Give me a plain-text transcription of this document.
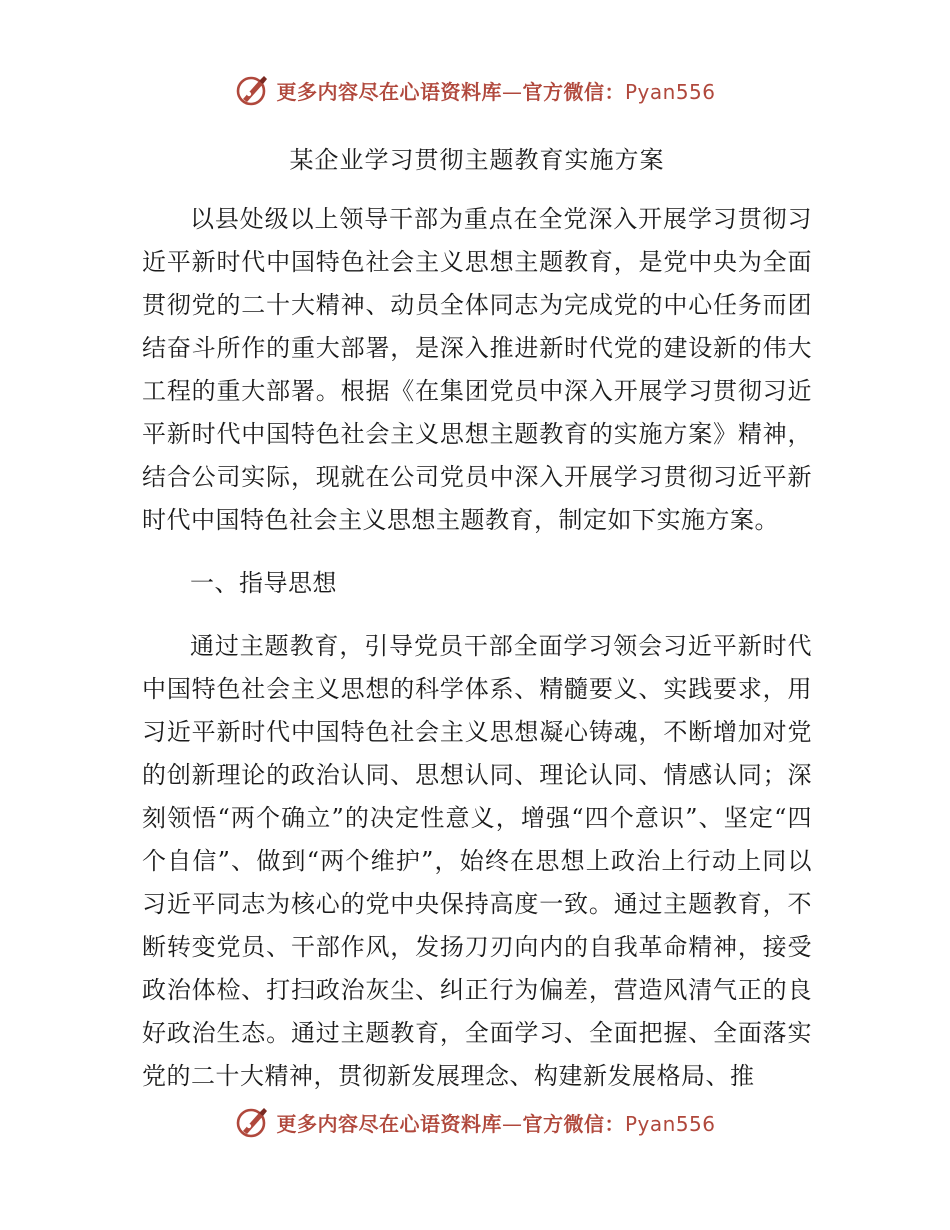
更多内容尽在心语资料库—官方微信：Pyan556
某企业学习贯彻主题教育实施方案

以县处级以上领导干部为重点在全党深入开展学习贯彻习近平新时代中国特色社会主义思想主题教育，是党中央为全面贯彻党的二十大精神、动员全体同志为完成党的中心任务而团结奋斗所作的重大部署，是深入推进新时代党的建设新的伟大工程的重大部署。根据《在集团党员中深入开展学习贯彻习近平新时代中国特色社会主义思想主题教育的实施方案》精神，结合公司实际，现就在公司党员中深入开展学习贯彻习近平新时代中国特色社会主义思想主题教育，制定如下实施方案。

一、指导思想

通过主题教育，引导党员干部全面学习领会习近平新时代中国特色社会主义思想的科学体系、精髓要义、实践要求，用习近平新时代中国特色社会主义思想凝心铸魂，不断增加对党的创新理论的政治认同、思想认同、理论认同、情感认同；深刻领悟“两个确立”的决定性意义，增强“四个意识”、坚定“四个自信”、做到“两个维护”，始终在思想上政治上行动上同以习近平同志为核心的党中央保持高度一致。通过主题教育，不断转变党员、干部作风，发扬刀刃向内的自我革命精神，接受政治体检、打扫政治灰尘、纠正行为偏差，营造风清气正的良好政治生态。通过主题教育，全面学习、全面把握、全面落实党的二十大精神，贯彻新发展理念、构建新发展格局、推

更多内容尽在心语资料库—官方微信：Pyan556
